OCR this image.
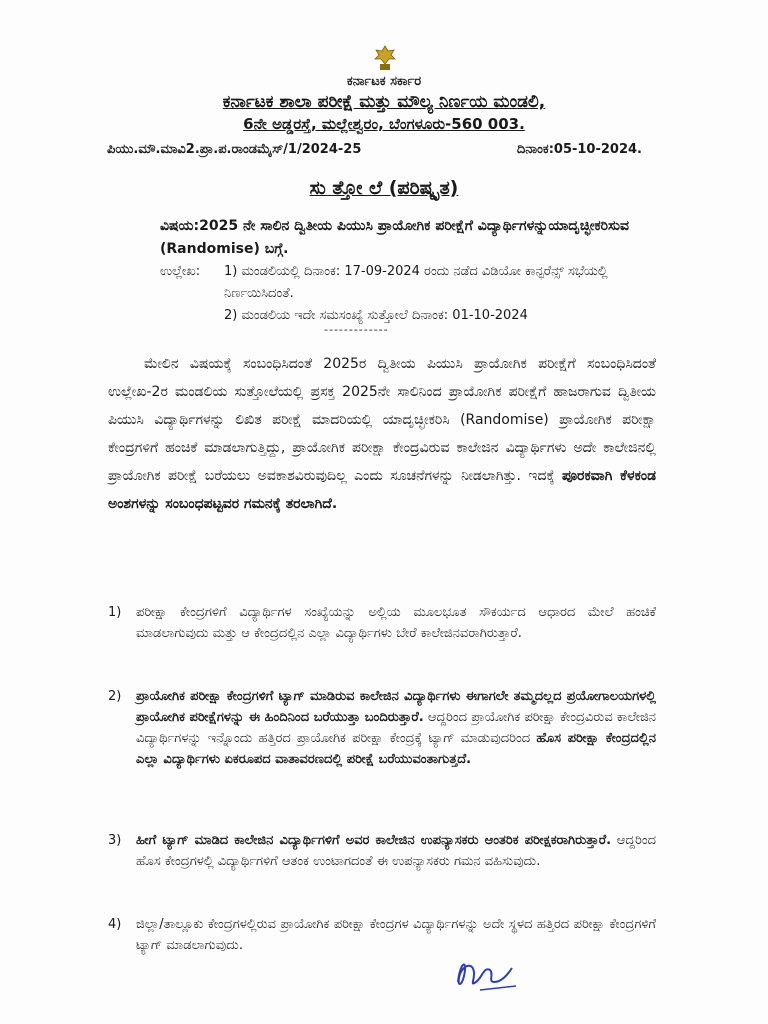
ಕರ್ನಾಟಕ ಸರ್ಕಾರ
ಕರ್ನಾಟಕ ಶಾಲಾ ಪರೀಕ್ಷೆ ಮತ್ತು ಮೌಲ್ಯ ನಿರ್ಣಯ ಮಂಡಲಿ,
6ನೇ ಅಡ್ಡರಸ್ತೆ, ಮಲ್ಲೇಶ್ವರಂ, ಬೆಂಗಳೂರು-560 003.
ಪಿಯು.ಮೌ.ಮಾವಿ2.ಪ್ರಾ.ಪ.ರಾಂಡಮೈಸ್/1/2024-25	ದಿನಾಂಕ:05-10-2024.
ಸು ತ್ತೋ ಲೆ (ಪರಿಷ್ಕೃತ)
ವಿಷಯ:2025 ನೇ ಸಾಲಿನ ದ್ವಿತೀಯ ಪಿಯುಸಿ ಪ್ರಾಯೋಗಿಕ ಪರೀಕ್ಷೆಗೆ ವಿದ್ಯಾರ್ಥಿಗಳನ್ನುಯಾದೃಚ್ಛೀಕರಿಸುವ (Randomise) ಬಗ್ಗೆ.
ಉಲ್ಲೇಖ: 1) ಮಂಡಲಿಯಲ್ಲಿ ದಿನಾಂಕ: 17-09-2024 ರಂದು ನಡೆದ ವಿಡಿಯೋ ಕಾನ್ಫರೆನ್ಸ್ ಸಭೆಯಲ್ಲಿ ನಿರ್ಣಯಿಸಿದಂತೆ.
2) ಮಂಡಲಿಯ ಇದೇ ಸಮಸಂಖ್ಯೆ ಸುತ್ತೋಲೆ ದಿನಾಂಕ: 01-10-2024
-------------
ಮೇಲಿನ ವಿಷಯಕ್ಕೆ ಸಂಬಂಧಿಸಿದಂತೆ 2025ರ ದ್ವಿತೀಯ ಪಿಯುಸಿ ಪ್ರಾಯೋಗಿಕ ಪರೀಕ್ಷೆಗೆ ಸಂಬಂಧಿಸಿದಂತೆ ಉಲ್ಲೇಖ-2ರ ಮಂಡಲಿಯ ಸುತ್ತೋಲೆಯಲ್ಲಿ ಪ್ರಸಕ್ತ 2025ನೇ ಸಾಲಿನಿಂದ ಪ್ರಾಯೋಗಿಕ ಪರೀಕ್ಷೆಗೆ ಹಾಜರಾಗುವ ದ್ವಿತೀಯ ಪಿಯುಸಿ ವಿದ್ಯಾರ್ಥಿಗಳನ್ನು ಲಿಖಿತ ಪರೀಕ್ಷೆ ಮಾದರಿಯಲ್ಲಿ ಯಾದೃಚ್ಛೀಕರಿಸಿ (Randomise) ಪ್ರಾಯೋಗಿಕ ಪರೀಕ್ಷಾ ಕೇಂದ್ರಗಳಿಗೆ ಹಂಚಿಕೆ ಮಾಡಲಾಗುತ್ತಿದ್ದು, ಪ್ರಾಯೋಗಿಕ ಪರೀಕ್ಷಾ ಕೇಂದ್ರವಿರುವ ಕಾಲೇಜಿನ ವಿದ್ಯಾರ್ಥಿಗಳು ಅದೇ ಕಾಲೇಜಿನಲ್ಲಿ ಪ್ರಾಯೋಗಿಕ ಪರೀಕ್ಷೆ ಬರೆಯಲು ಅವಕಾಶವಿರುವುದಿಲ್ಲ ಎಂದು ಸೂಚನೆಗಳನ್ನು ನೀಡಲಾಗಿತ್ತು. ಇದಕ್ಕೆ ಪೂರಕವಾಗಿ ಕೆಳಕಂಡ ಅಂಶಗಳನ್ನು ಸಂಬಂಧಪಟ್ಟವರ ಗಮನಕ್ಕೆ ತರಲಾಗಿದೆ.
1) ಪರೀಕ್ಷಾ ಕೇಂದ್ರಗಳಿಗೆ ವಿದ್ಯಾರ್ಥಿಗಳ ಸಂಖ್ಯೆಯನ್ನು ಅಲ್ಲಿಯ ಮೂಲಭೂತ ಸೌಕರ್ಯದ ಆಧಾರದ ಮೇಲೆ ಹಂಚಿಕೆ ಮಾಡಲಾಗುವುದು ಮತ್ತು ಆ ಕೇಂದ್ರದಲ್ಲಿನ ಎಲ್ಲಾ ವಿದ್ಯಾರ್ಥಿಗಳು ಬೇರೆ ಕಾಲೇಜಿನವರಾಗಿರುತ್ತಾರೆ.
2) ಪ್ರಾಯೋಗಿಕ ಪರೀಕ್ಷಾ ಕೇಂದ್ರಗಳಿಗೆ ಟ್ಯಾಗ್ ಮಾಡಿರುವ ಕಾಲೇಜಿನ ವಿದ್ಯಾರ್ಥಿಗಳು ಈಗಾಗಲೇ ತಮ್ಮದಲ್ಲದ ಪ್ರಯೋಗಾಲಯಗಳಲ್ಲಿ ಪ್ರಾಯೋಗಿಕ ಪರೀಕ್ಷೆಗಳನ್ನು ಈ ಹಿಂದಿನಿಂದ ಬರೆಯುತ್ತಾ ಬಂದಿರುತ್ತಾರೆ. ಆದ್ದರಿಂದ ಪ್ರಾಯೋಗಿಕ ಪರೀಕ್ಷಾ ಕೇಂದ್ರವಿರುವ ಕಾಲೇಜಿನ ವಿದ್ಯಾರ್ಥಿಗಳನ್ನು ಇನ್ನೊಂದು ಹತ್ತಿರದ ಪ್ರಾಯೋಗಿಕ ಪರೀಕ್ಷಾ ಕೇಂದ್ರಕ್ಕೆ ಟ್ಯಾಗ್ ಮಾಡುವುದರಿಂದ ಹೊಸ ಪರೀಕ್ಷಾ ಕೇಂದ್ರದಲ್ಲಿನ ಎಲ್ಲಾ ವಿದ್ಯಾರ್ಥಿಗಳು ಏಕರೂಪದ ವಾತಾವರಣದಲ್ಲಿ ಪರೀಕ್ಷೆ ಬರೆಯುವಂತಾಗುತ್ತದೆ.
3) ಹೀಗೆ ಟ್ಯಾಗ್ ಮಾಡಿದ ಕಾಲೇಜಿನ ವಿದ್ಯಾರ್ಥಿಗಳಿಗೆ ಅವರ ಕಾಲೇಜಿನ ಉಪನ್ಯಾಸಕರು ಆಂತರಿಕ ಪರೀಕ್ಷಕರಾಗಿರುತ್ತಾರೆ. ಆದ್ದರಿಂದ ಹೊಸ ಕೇಂದ್ರಗಳಲ್ಲಿ ವಿದ್ಯಾರ್ಥಿಗಳಿಗೆ ಆತಂಕ ಉಂಟಾಗದಂತೆ ಈ ಉಪನ್ಯಾಸಕರು ಗಮನ ವಹಿಸುವುದು.
4) ಜಿಲ್ಲಾ/ತಾಲ್ಲೂಕು ಕೇಂದ್ರಗಳಲ್ಲಿರುವ ಪ್ರಾಯೋಗಿಕ ಪರೀಕ್ಷಾ ಕೇಂದ್ರಗಳ ವಿದ್ಯಾರ್ಥಿಗಳನ್ನು ಅದೇ ಸ್ಥಳದ ಹತ್ತಿರದ ಪರೀಕ್ಷಾ ಕೇಂದ್ರಗಳಿಗೆ ಟ್ಯಾಗ್ ಮಾಡಲಾಗುವುದು.
